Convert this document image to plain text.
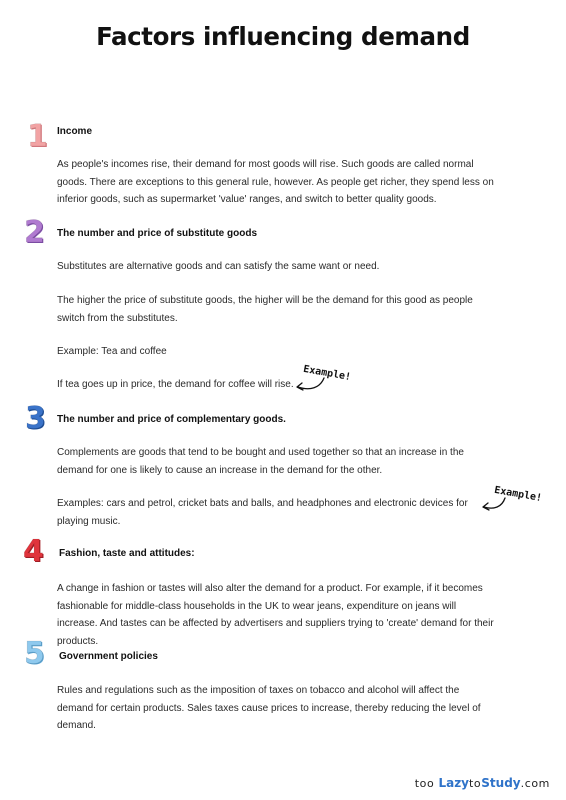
Factors influencing demand
1 Income
As people's incomes rise, their demand for most goods will rise. Such goods are called normal goods. There are exceptions to this general rule, however. As people get richer, they spend less on inferior goods, such as supermarket 'value' ranges, and switch to better quality goods.
2 The number and price of substitute goods
Substitutes are alternative goods and can satisfy the same want or need.
The higher the price of substitute goods, the higher will be the demand for this good as people switch from the substitutes.
Example: Tea and coffee
If tea goes up in price, the demand for coffee will rise.
Example!
3 The number and price of complementary goods.
Complements are goods that tend to be bought and used together so that an increase in the demand for one is likely to cause an increase in the demand for the other.
Examples: cars and petrol, cricket bats and balls, and headphones and electronic devices for playing music.
Example!
4 Fashion, taste and attitudes:
A change in fashion or tastes will also alter the demand for a product. For example, if it becomes fashionable for middle-class households in the UK to wear jeans, expenditure on jeans will increase. And tastes can be affected by advertisers and suppliers trying to 'create' demand for their products.
5 Government policies
Rules and regulations such as the imposition of taxes on tobacco and alcohol will affect the demand for certain products. Sales taxes cause prices to increase, thereby reducing the level of demand.
too LazytoStudy.com
